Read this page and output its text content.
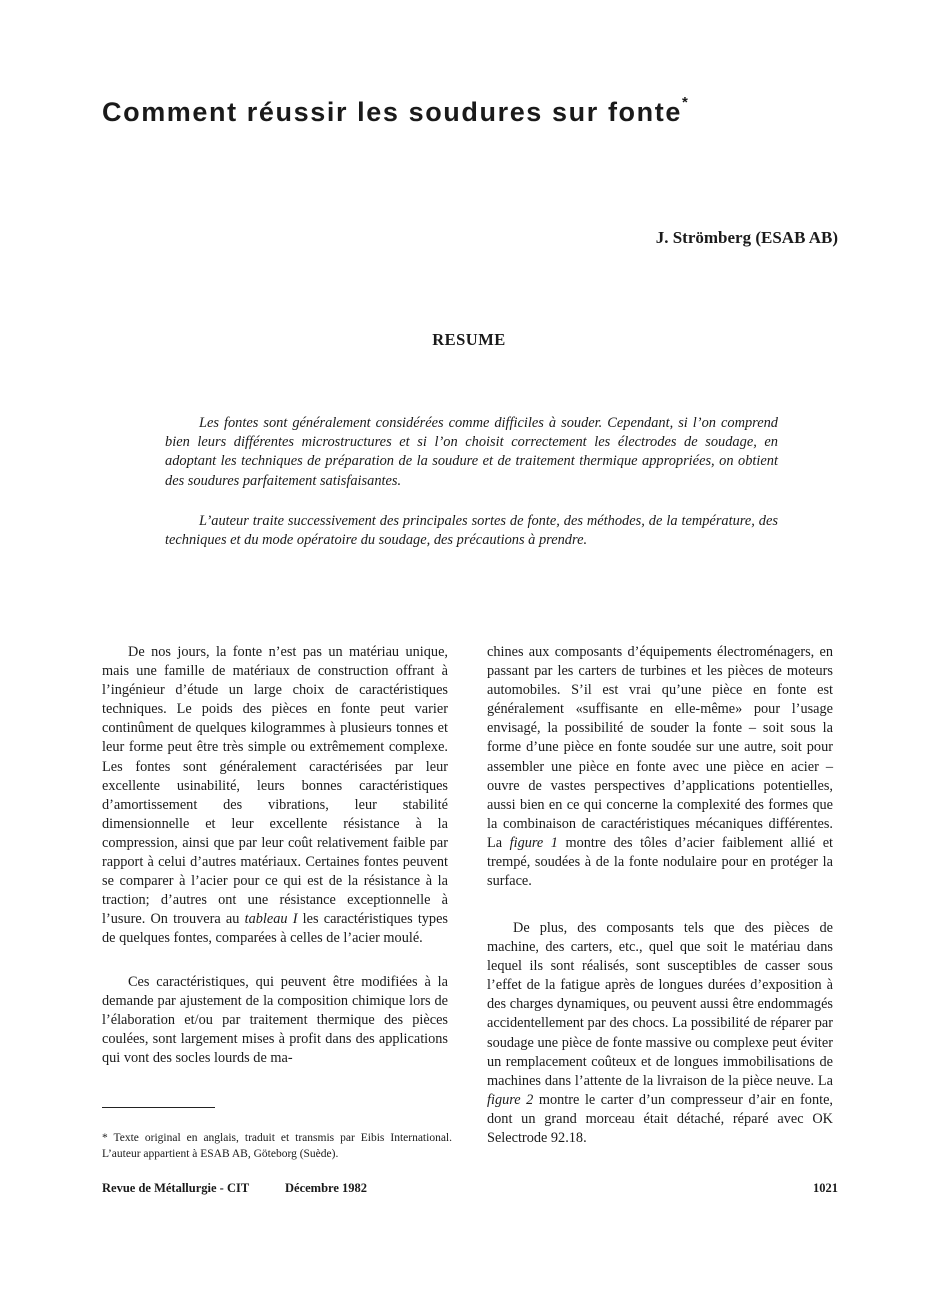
Comment réussir les soudures sur fonte*
J. Strömberg (ESAB AB)
RESUME

Les fontes sont généralement considérées comme difficiles à souder. Cependant, si l’on comprend bien leurs différentes microstructures et si l’on choisit correctement les électrodes de soudage, en adoptant les techniques de préparation de la soudure et de traitement thermique appropriées, on obtient des soudures parfaitement satisfaisantes.

L’auteur traite successivement des principales sortes de fonte, des méthodes, de la température, des techniques et du mode opératoire du soudage, des précautions à prendre.

De nos jours, la fonte n’est pas un matériau unique, mais une famille de matériaux de construction offrant à l’ingénieur d’étude un large choix de caractéristiques techniques. Le poids des pièces en fonte peut varier continûment de quelques kilogrammes à plusieurs tonnes et leur forme peut être très simple ou extrêmement complexe. Les fontes sont généralement caractérisées par leur excellente usinabilité, leurs bonnes caractéristiques d’amortissement des vibrations, leur stabilité dimensionnelle et leur excellente résistance à la compression, ainsi que par leur coût relativement faible par rapport à celui d’autres matériaux. Certaines fontes peuvent se comparer à l’acier pour ce qui est de la résistance à la traction; d’autres ont une résistance exceptionnelle à l’usure. On trouvera au tableau I les caractéristiques types de quelques fontes, comparées à celles de l’acier moulé.

Ces caractéristiques, qui peuvent être modifiées à la demande par ajustement de la composition chimique lors de l’élaboration et/ou par traitement thermique des pièces coulées, sont largement mises à profit dans des applications qui vont des socles lourds de ma-

chines aux composants d’équipements électroménagers, en passant par les carters de turbines et les pièces de moteurs automobiles. S’il est vrai qu’une pièce en fonte est généralement «suffisante en elle-même» pour l’usage envisagé, la possibilité de souder la fonte – soit sous la forme d’une pièce en fonte soudée sur une autre, soit pour assembler une pièce en fonte avec une pièce en acier – ouvre de vastes perspectives d’applications potentielles, aussi bien en ce qui concerne la complexité des formes que la combinaison de caractéristiques mécaniques différentes. La figure 1 montre des tôles d’acier faiblement allié et trempé, soudées à de la fonte nodulaire pour en protéger la surface.

De plus, des composants tels que des pièces de machine, des carters, etc., quel que soit le matériau dans lequel ils sont réalisés, sont susceptibles de casser sous l’effet de la fatigue après de longues durées d’exposition à des charges dynamiques, ou peuvent aussi être endommagés accidentellement par des chocs. La possibilité de réparer par soudage une pièce de fonte massive ou complexe peut éviter un remplacement coûteux et de longues immobilisations de machines dans l’attente de la livraison de la pièce neuve. La figure 2 montre le carter d’un compresseur d’air en fonte, dont un grand morceau était détaché, réparé avec OK Selectrode 92.18.

* Texte original en anglais, traduit et transmis par Eibis International. L’auteur appartient à ESAB AB, Göteborg (Suède).

Revue de Métallurgie - CIT	Décembre 1982	1021
